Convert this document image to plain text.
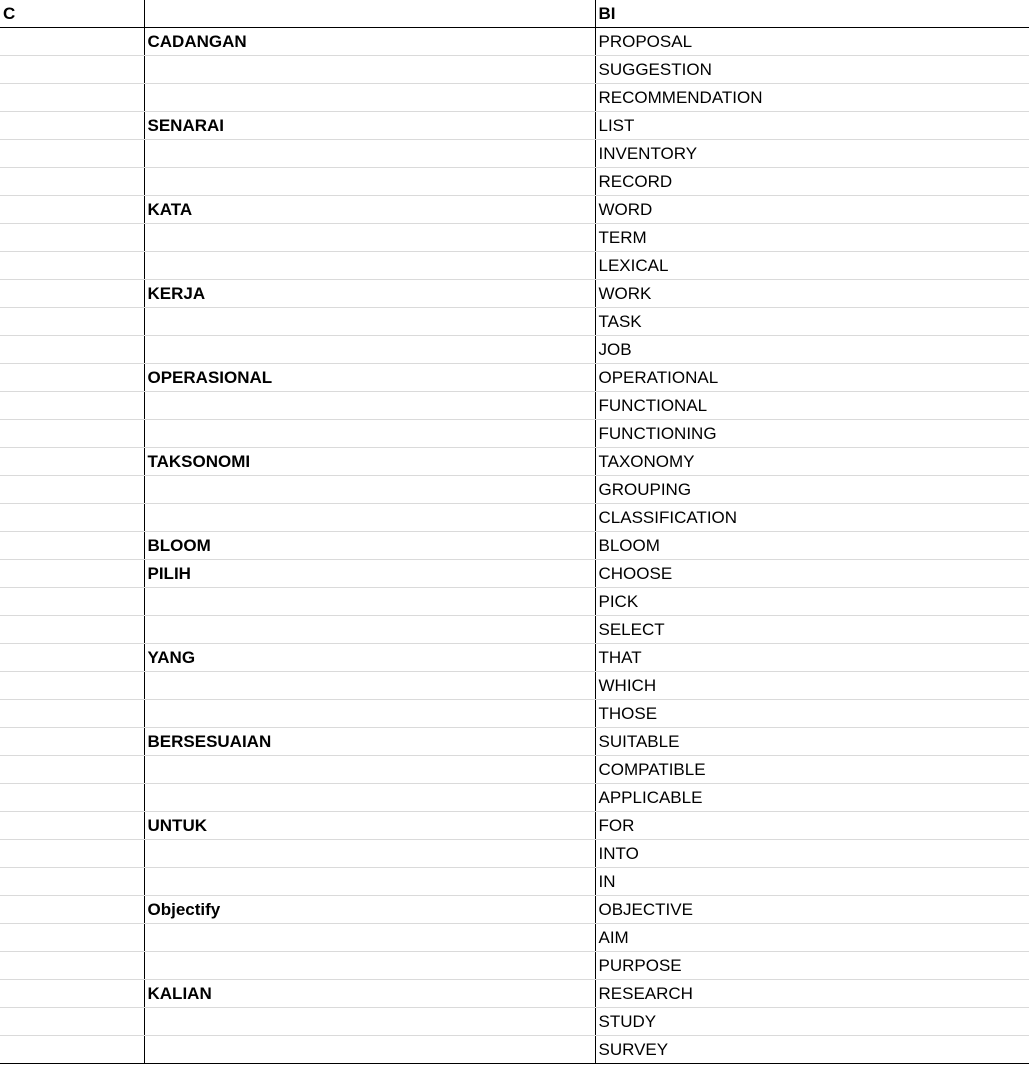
C		BI
	CADANGAN	PROPOSAL
		SUGGESTION
		RECOMMENDATION
	SENARAI	LIST
		INVENTORY
		RECORD
	KATA	WORD
		TERM
		LEXICAL
	KERJA	WORK
		TASK
		JOB
	OPERASIONAL	OPERATIONAL
		FUNCTIONAL
		FUNCTIONING
	TAKSONOMI	TAXONOMY
		GROUPING
		CLASSIFICATION
	BLOOM	BLOOM
	PILIH	CHOOSE
		PICK
		SELECT
	YANG	THAT
		WHICH
		THOSE
	BERSESUAIAN	SUITABLE
		COMPATIBLE
		APPLICABLE
	UNTUK	FOR
		INTO
		IN
	Objectify	OBJECTIVE
		AIM
		PURPOSE
	KALIAN	RESEARCH
		STUDY
		SURVEY
